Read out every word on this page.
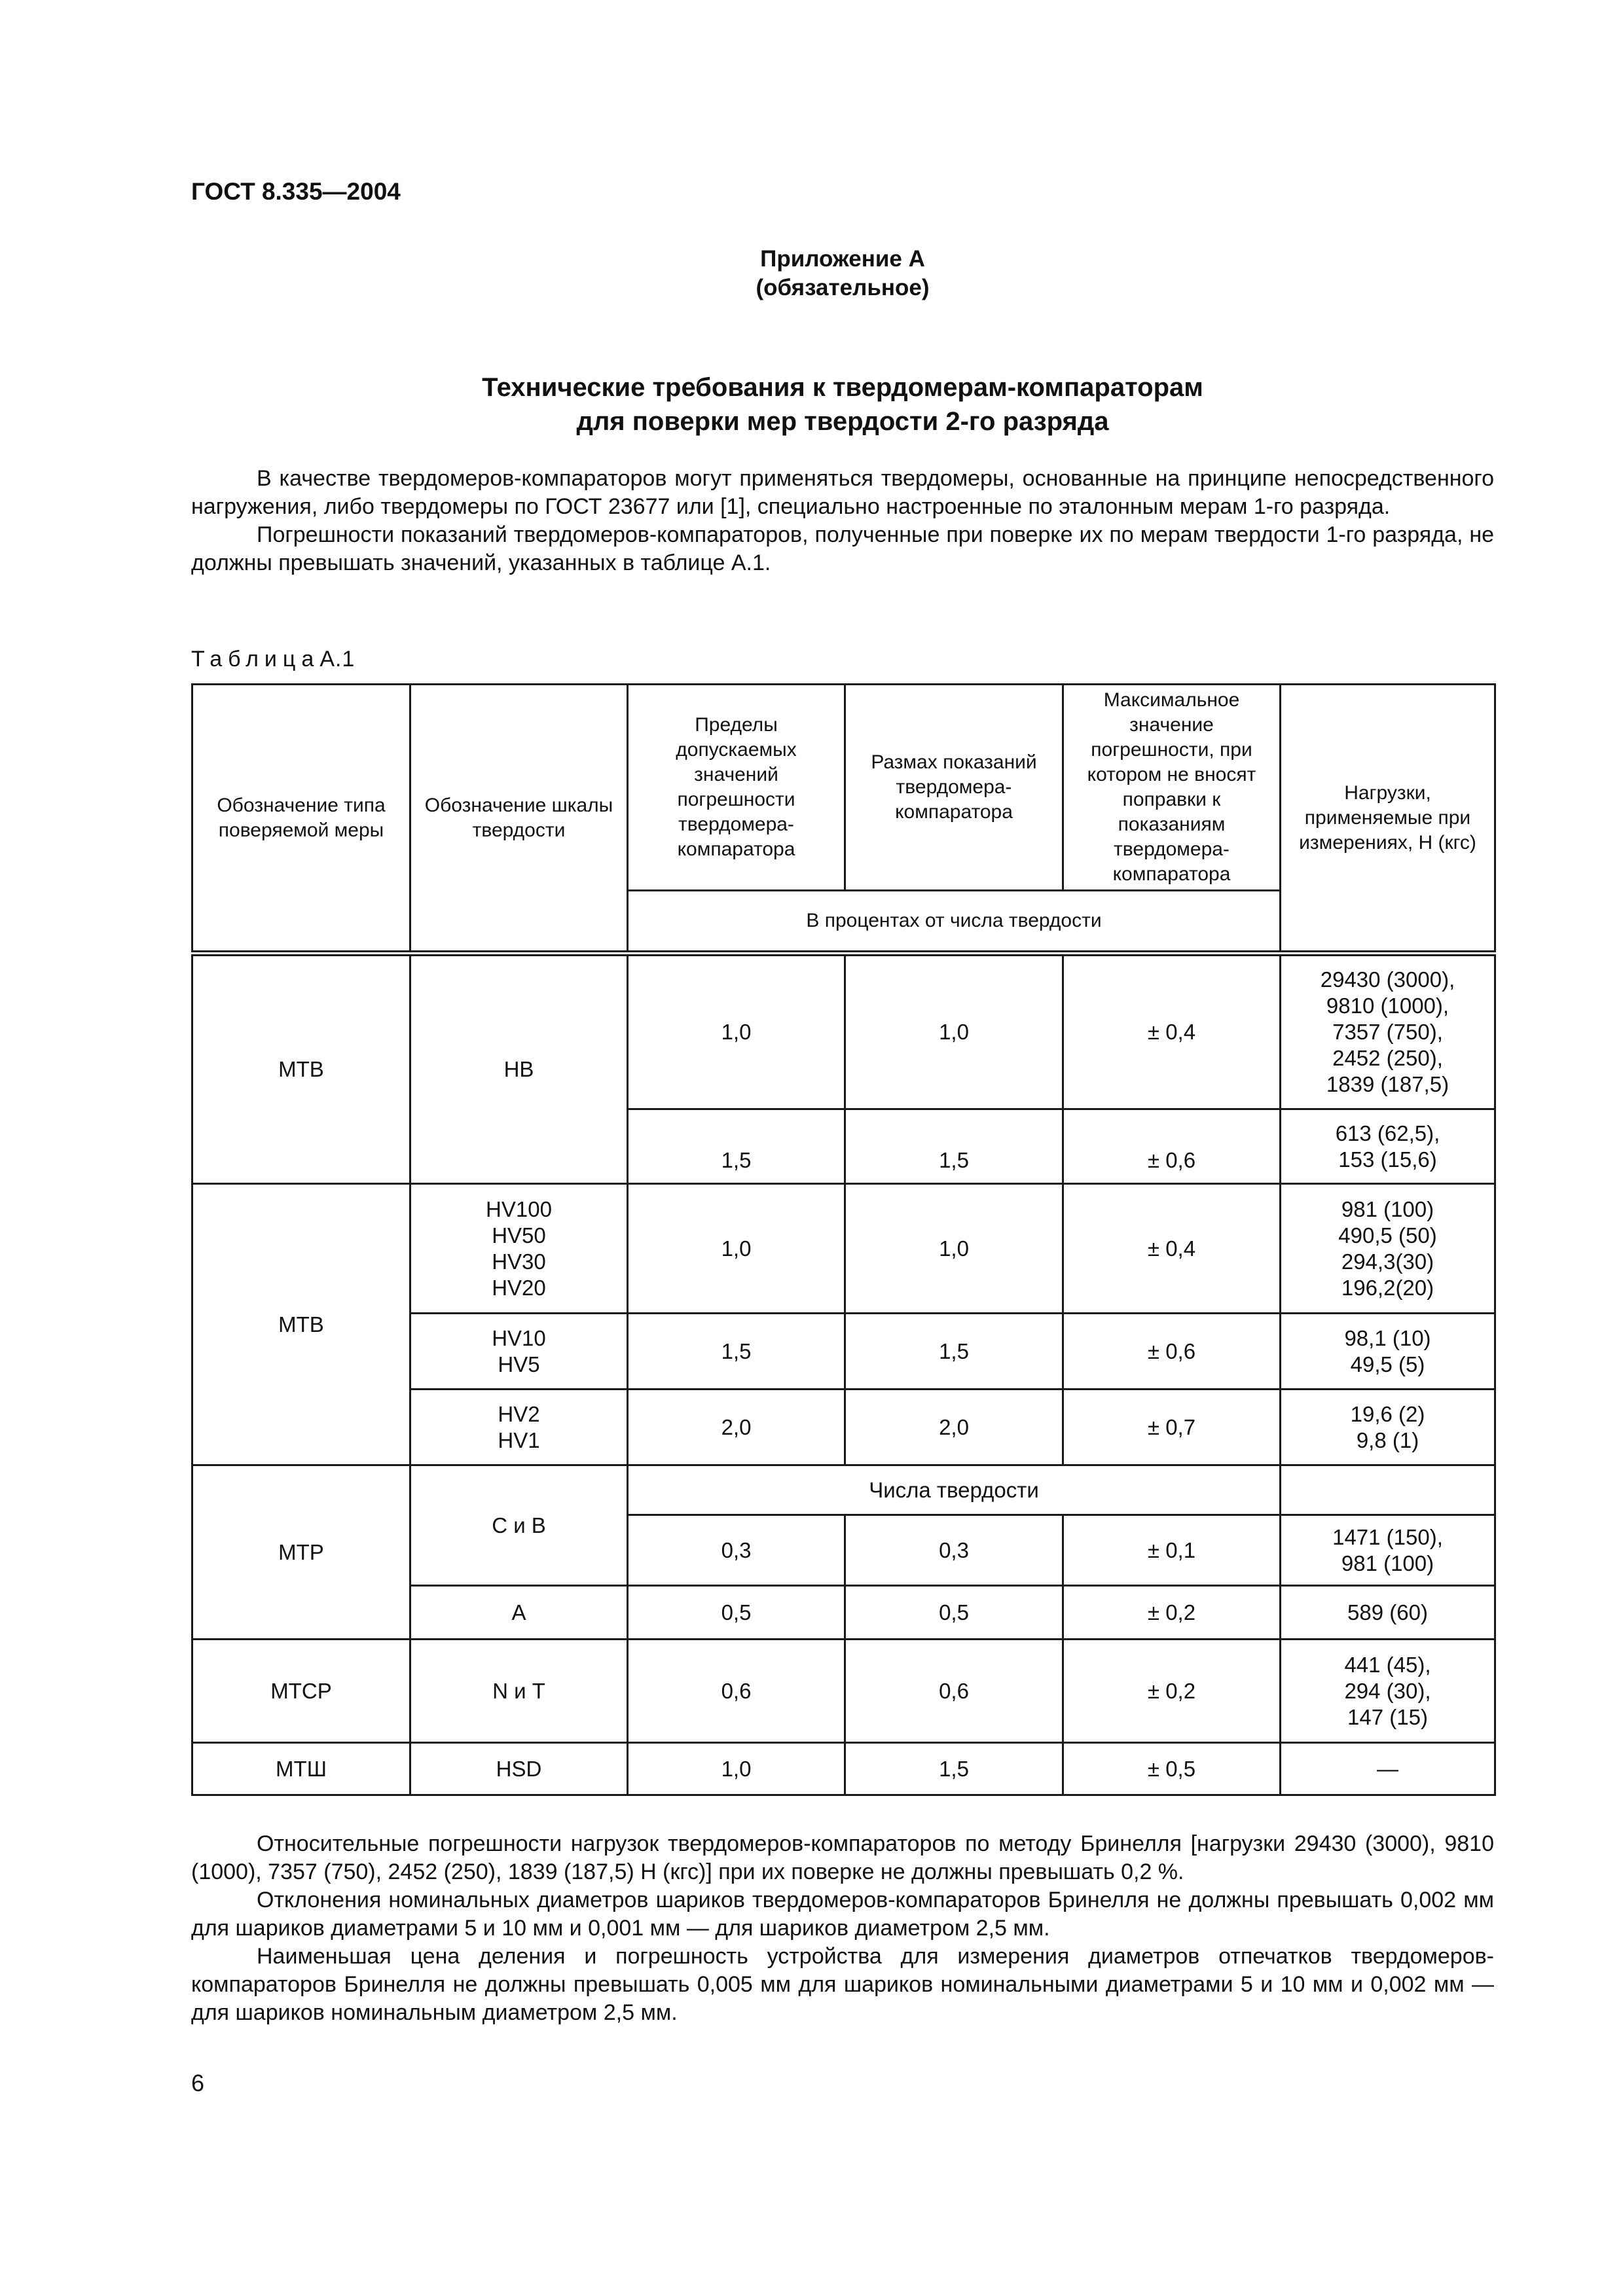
ГОСТ 8.335—2004
Приложение А
(обязательное)
Технические требования к твердомерам-компараторам
для поверки мер твердости 2-го разряда

В качестве твердомеров-компараторов могут применяться твердомеры, основанные на принципе непосредственного нагружения, либо твердомеры по ГОСТ 23677 или [1], специально настроенные по эталонным мерам 1-го разряда.

Погрешности показаний твердомеров-компараторов, полученные при поверке их по мерам твердости 1-го разряда, не должны превышать значений, указанных в таблице А.1.

ТаблицаА.1
Обозначение типа поверяемой меры	Обозначение шкалы твердости	Пределы допускаемых значений погрешности твердомера-компаратора	Размах показаний твердомера-компаратора	Максимальное значение погрешности, при котором не вносят поправки к показаниям твердомера-компаратора	Нагрузки, применяемые при измерениях, Н (кгс)
		В процентах от числа твердости			
МТВ	НВ	1,0	1,0	± 0,4	29430 (3000),
9810 (1000),
7357 (750),
2452 (250),
1839 (187,5)
		1,5	1,5	± 0,6	613 (62,5),
153 (15,6)
МТВ	HV100
HV50
HV30
HV20	1,0	1,0	± 0,4	981 (100)
490,5 (50)
294,3(30)
196,2(20)
	HV10
HV5	1,5	1,5	± 0,6	98,1 (10)
49,5 (5)
	HV2
HV1	2,0	2,0	± 0,7	19,6 (2)
9,8 (1)
МТР	С и В	Числа твердости			
		0,3	0,3	± 0,1	1471 (150),
981 (100)
	А	0,5	0,5	± 0,2	589 (60)
МТСР	N и T	0,6	0,6	± 0,2	441 (45),
294 (30),
147 (15)
МТШ	HSD	1,0	1,5	± 0,5	—

Относительные погрешности нагрузок твердомеров-компараторов по методу Бринелля [нагрузки 29430 (3000), 9810 (1000), 7357 (750), 2452 (250), 1839 (187,5) Н (кгс)] при их поверке не должны превышать 0,2 %.

Отклонения номинальных диаметров шариков твердомеров-компараторов Бринелля не должны превышать 0,002 мм для шариков диаметрами 5 и 10 мм и 0,001 мм — для шариков диаметром 2,5 мм.

Наименьшая цена деления и погрешность устройства для измерения диаметров отпечатков твердомеров-компараторов Бринелля не должны превышать 0,005 мм для шариков номинальными диаметрами 5 и 10 мм и 0,002 мм — для шариков номинальным диаметром 2,5 мм.

6
